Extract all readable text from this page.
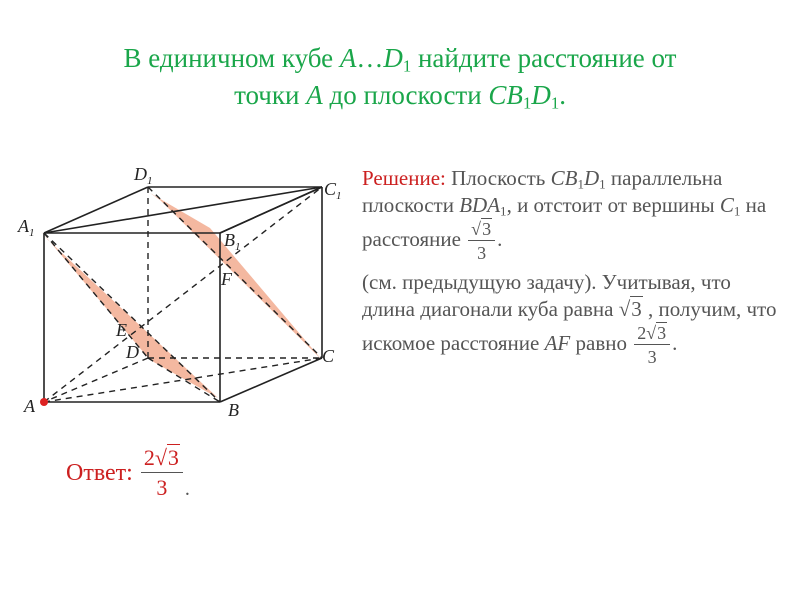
В единичном кубе $A\dots D_1$ найдите расстояние от
точки A до плоскости $CB_1D_1$.
$D_1$	$C_1$
$A_1$	$B_1$
F
E
D	C
A	B

Решение: Плоскость $CB_1D_1$ параллельна плоскости $BDA_1$, и отстоит от вершины $C_1$ на расстояние $\frac{√3}{3}$ .

(см. предыдущую задачу). Учитывая, что длина диагонали куба равна √3 , получим, что искомое расстояние AF равно $\frac{2√3}{3}$ .

Ответ: $\frac{2√3}{3}$ .
